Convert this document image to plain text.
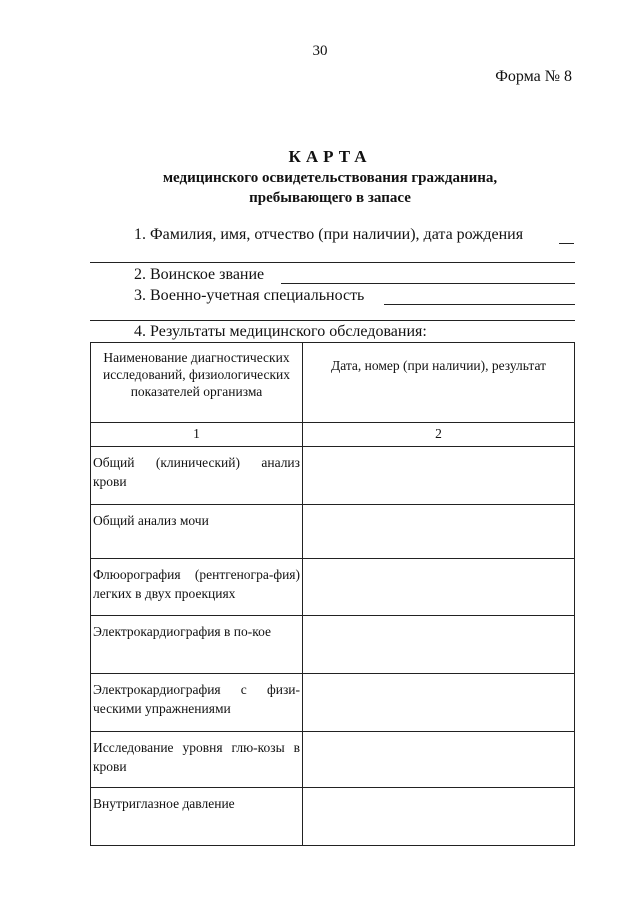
30
Форма № 8
КАРТА
медицинского освидетельствования гражданина,
пребывающего в запасе
1. Фамилия, имя, отчество (при наличии), дата рождения
2. Воинское звание
3. Военно-учетная специальность
4. Результаты медицинского обследования:
Наименование диагностических исследований, физиологических показателей организма	Дата, номер (при наличии), результат
1	2
Общий (клинический) анализ крови	
Общий анализ мочи	
Флюорография (рентгеногра-фия) легких в двух проекциях	
Электрокардиография в по-кое	
Электрокардиография с физи-ческими упражнениями	
Исследование уровня глю-козы в крови	
Внутриглазное давление	
